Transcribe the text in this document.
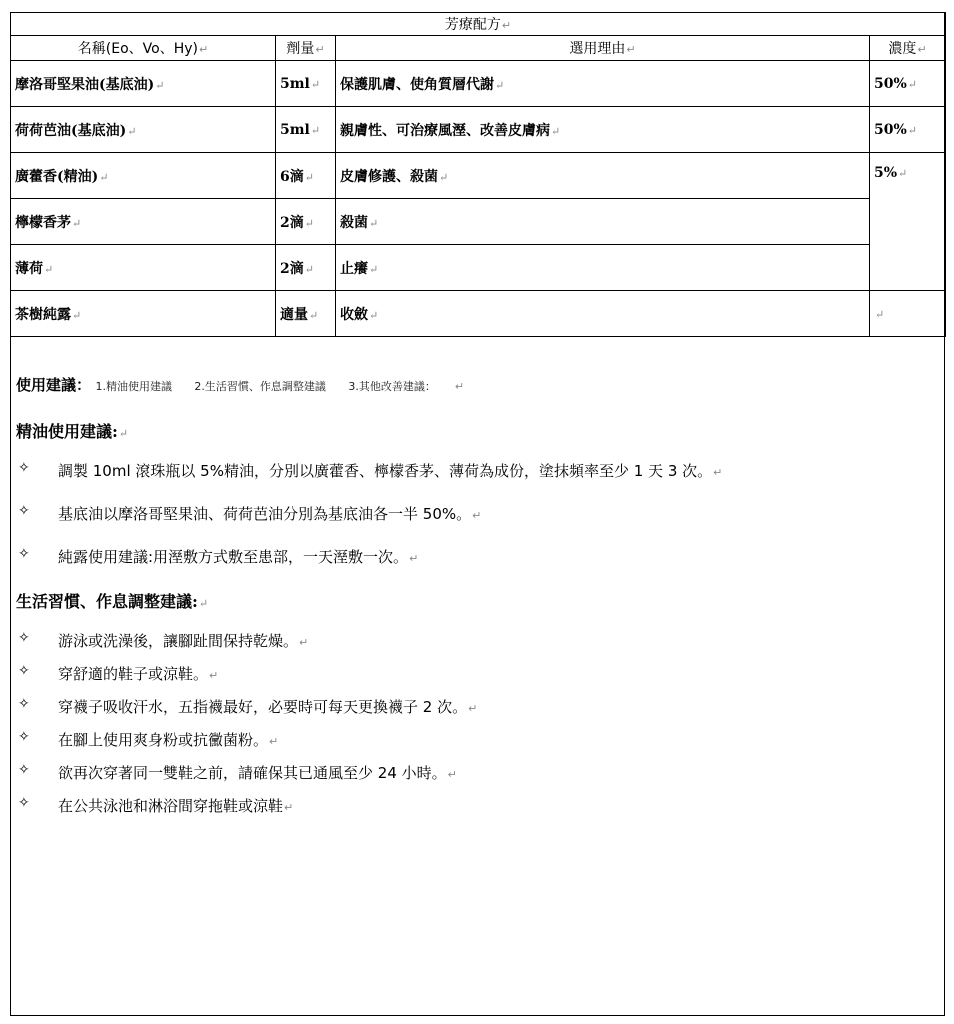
芳療配方↵			
名稱(Eo、Vo、Hy)↵	劑量↵	選用理由↵	濃度↵
摩洛哥堅果油(基底油)↵	5ml↵	保護肌膚、使角質層代謝↵	50%↵
荷荷芭油(基底油)↵	5ml↵	親膚性、可治療風溼、改善皮膚病↵	50%↵
廣藿香(精油)↵	6滴↵	皮膚修護、殺菌↵	5%↵
檸檬香茅↵	2滴↵	殺菌↵	
薄荷↵	2滴↵	止癢↵	
茶樹純露↵	適量↵	收斂↵	↵
使用建議： 1.精油使用建議 2.生活習慣、作息調整建議 3.其他改善建議： ↵
精油使用建議:↵
✧ 調製 10ml 滾珠瓶以 5%精油，分別以廣藿香、檸檬香茅、薄荷為成份，塗抹頻率至少 1 天 3 次。↵
✧ 基底油以摩洛哥堅果油、荷荷芭油分別為基底油各一半 50%。↵
✧ 純露使用建議:用溼敷方式敷至患部，一天溼敷一次。↵
生活習慣、作息調整建議:↵
✧ 游泳或洗澡後，讓腳趾間保持乾燥。↵
✧ 穿舒適的鞋子或涼鞋。↵
✧ 穿襪子吸收汗水，五指襪最好，必要時可每天更換襪子 2 次。↵
✧ 在腳上使用爽身粉或抗黴菌粉。↵
✧ 欲再次穿著同一雙鞋之前，請確保其已通風至少 24 小時。↵
✧ 在公共泳池和淋浴間穿拖鞋或涼鞋↵
